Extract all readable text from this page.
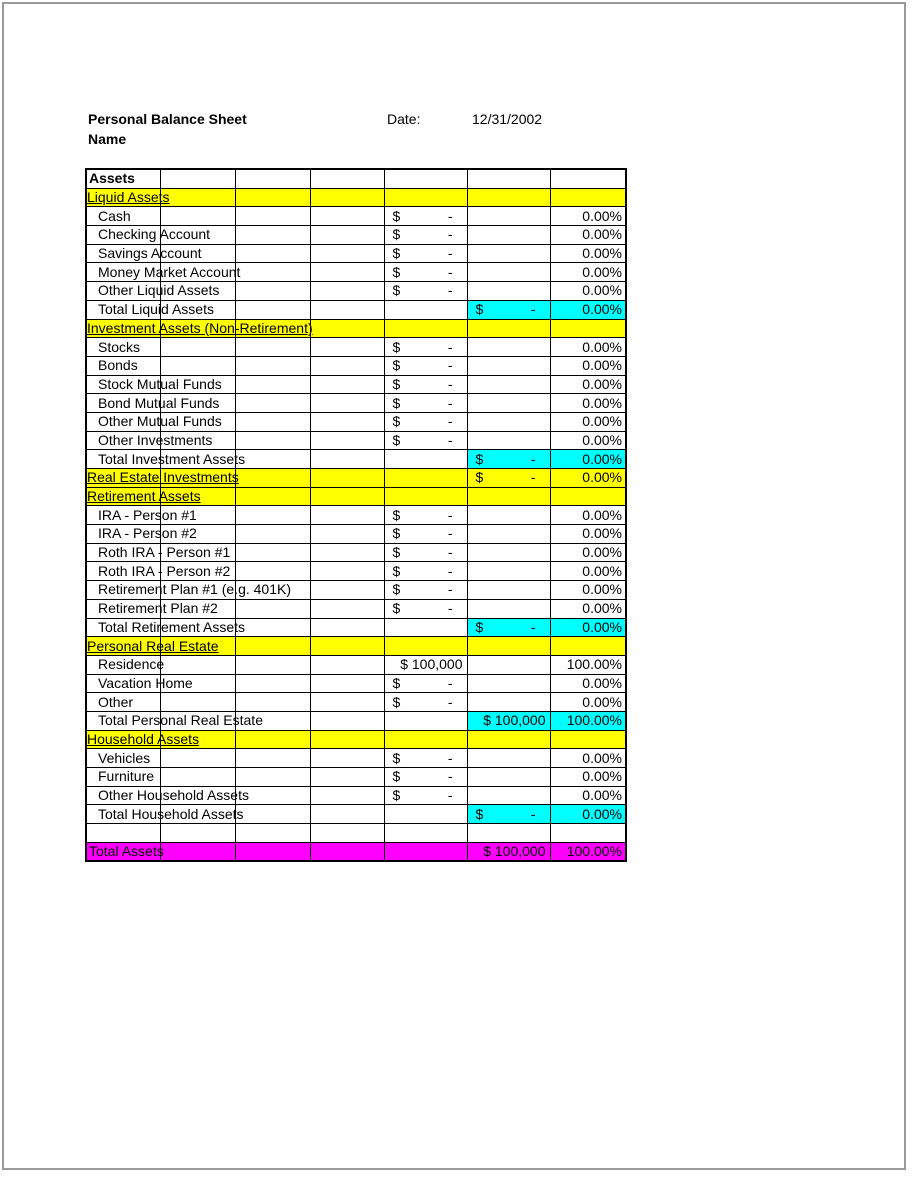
Personal Balance Sheet
Name
Date:	12/31/2002
Assets						
Liquid Assets						
Cash				$ -		0.00%
Checking Account				$ -		0.00%
Savings Account				$ -		0.00%
Money Market Account				$ -		0.00%
Other Liquid Assets				$ -		0.00%
Total Liquid Assets					$ -	0.00%
Investment Assets (Non-Retirement)						
Stocks				$ -		0.00%
Bonds				$ -		0.00%
Stock Mutual Funds				$ -		0.00%
Bond Mutual Funds				$ -		0.00%
Other Mutual Funds				$ -		0.00%
Other Investments				$ -		0.00%
Total Investment Assets					$ -	0.00%
Real Estate Investments					$ -	0.00%
Retirement Assets						
IRA - Person #1				$ -		0.00%
IRA - Person #2				$ -		0.00%
Roth IRA - Person #1				$ -		0.00%
Roth IRA - Person #2				$ -		0.00%
Retirement Plan #1 (e.g. 401K)				$ -		0.00%
Retirement Plan #2				$ -		0.00%
Total Retirement Assets					$ -	0.00%
Personal Real Estate						
Residence				$ 100,000		100.00%
Vacation Home				$ -		0.00%
Other				$ -		0.00%
Total Personal Real Estate					$ 100,000	100.00%
Household Assets						
Vehicles				$ -		0.00%
Furniture				$ -		0.00%
Other Household Assets				$ -		0.00%
Total Household Assets					$ -	0.00%

Total Assets					$ 100,000	100.00%
